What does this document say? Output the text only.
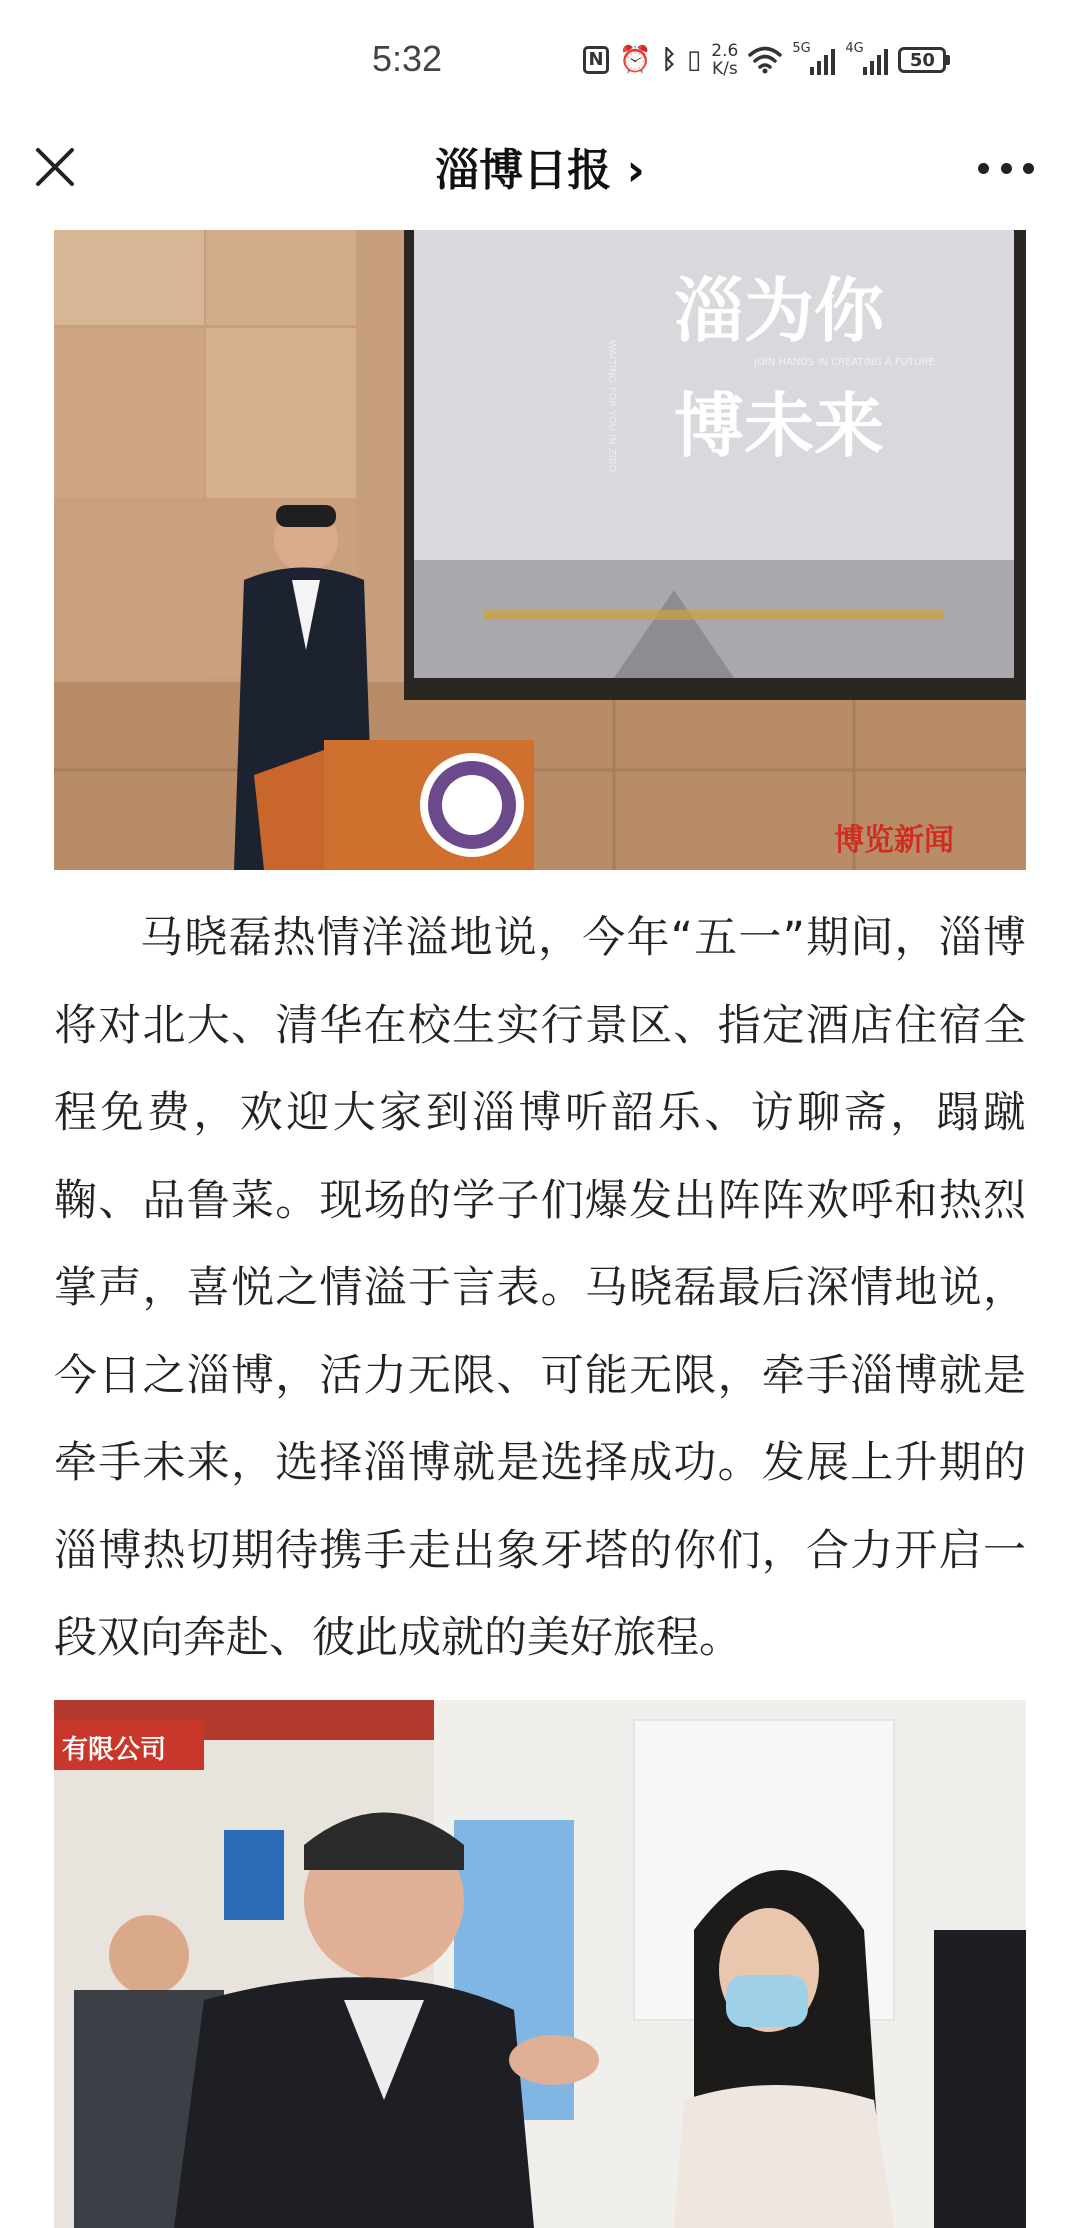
5:32	N ⏰ ᛒ ▯ 2.6
K/s
5G	4G
50
淄博日报 ›
WAITING FOR YOU IN ZIBO
淄为你
博未来
JOIN HANDS IN CREATING A FUTURE
博览新闻

马晓磊热情洋溢地说，今年“五一”期间，淄博将对北大、清华在校生实行景区、指定酒店住宿全程免费，欢迎大家到淄博听韶乐、访聊斋，蹋蹴鞠、品鲁菜。现场的学子们爆发出阵阵欢呼和热烈掌声，喜悦之情溢于言表。马晓磊最后深情地说，今日之淄博，活力无限、可能无限，牵手淄博就是牵手未来，选择淄博就是选择成功。发展上升期的淄博热切期待携手走出象牙塔的你们，合力开启一段双向奔赴、彼此成就的美好旅程。

有限公司
